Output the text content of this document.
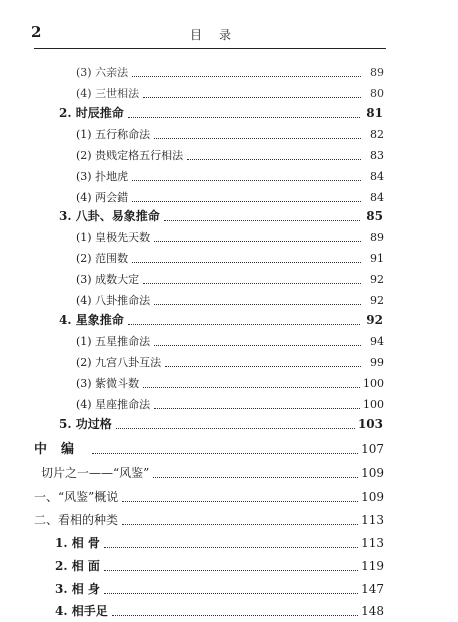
2	目录
(3) 六亲法	89
(4) 三世相法	80
2. 时辰推命	81
(1) 五行称命法	82
(2) 贵贱定格五行相法	83
(3) 扑地虎	84
(4) 两会錯	84
3. 八卦、易象推命	85
(1) 皇极先天数	89
(2) 范围数	91
(3) 成数大定	92
(4) 八卦推命法	92
4. 星象推命	92
(1) 五星推命法	94
(2) 九宫八卦互法	99
(3) 紫微斗数	100
(4) 星座推命法	100
5. 功过格	103
中编	107
切片之一——“风鉴”	109
一、“风鉴”概说	109
二、看相的种类	113
1. 相 骨	113
2. 相 面	119
3. 相 身	147
4. 相手足	148
